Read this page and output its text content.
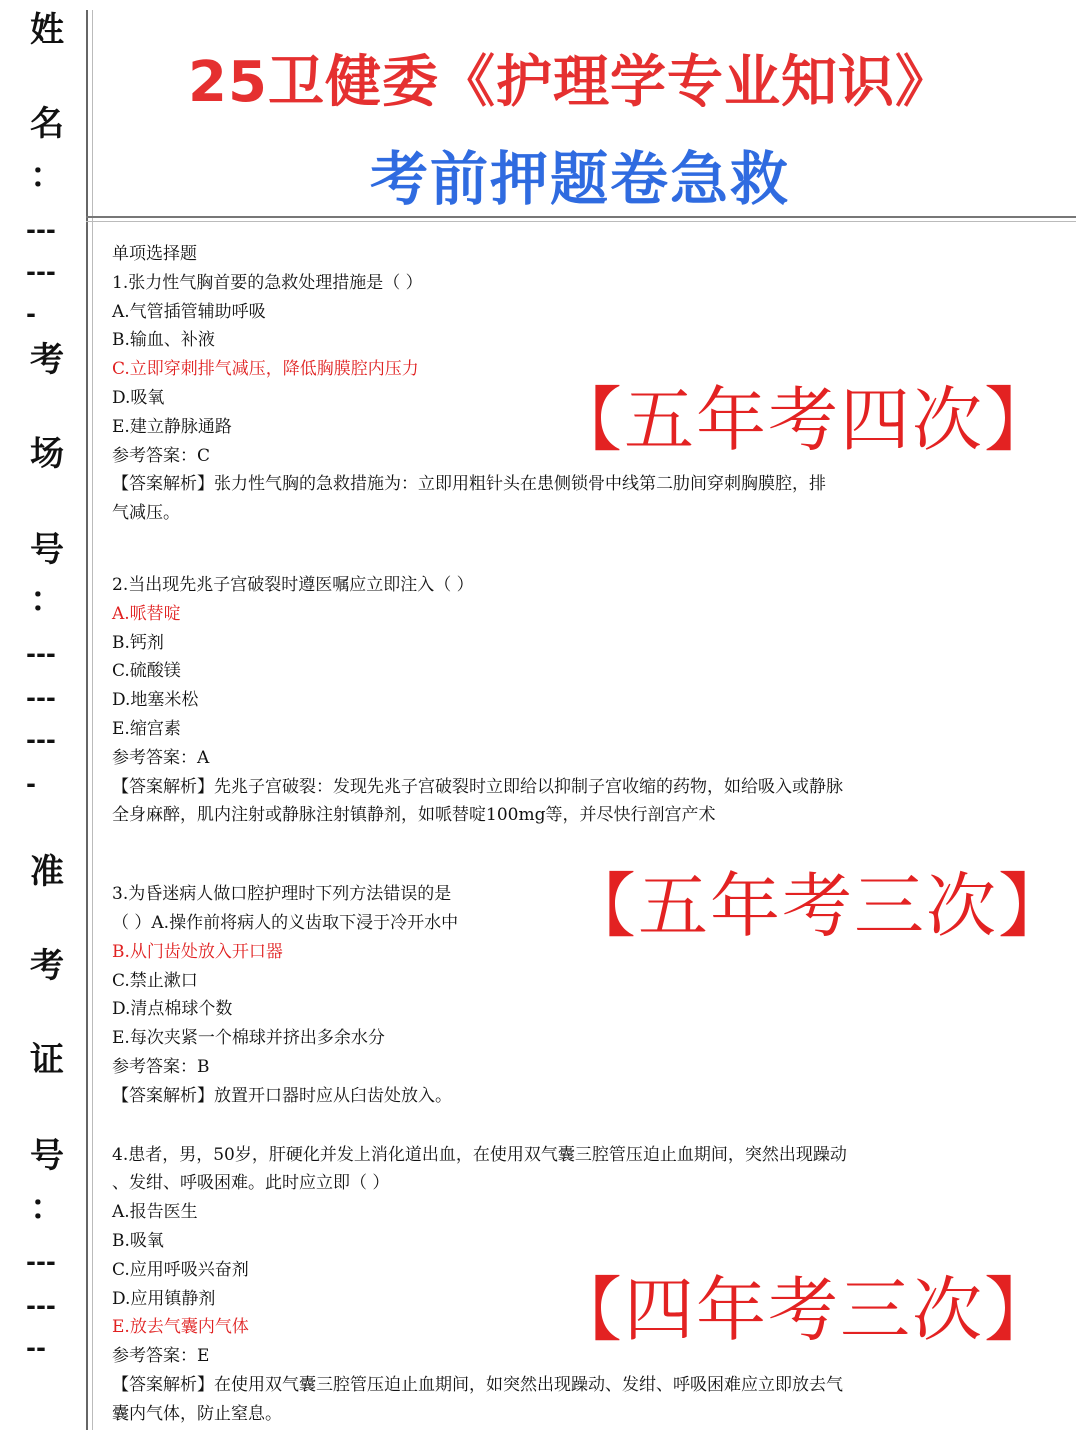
姓
名
：
---
---
-
考
场
号
：
---
---
---
-
准
考
证
号
：
---
---
--
25卫健委《护理学专业知识》
考前押题卷急救
单项选择题
1.张力性气胸首要的急救处理措施是（ ）
A.气管插管辅助呼吸
B.输血、补液
C.立即穿刺排气减压，降低胸膜腔内压力
D.吸氧
E.建立静脉通路
参考答案：C
【答案解析】张力性气胸的急救措施为：立即用粗针头在患侧锁骨中线第二肋间穿刺胸膜腔，排
气减压。
2.当出现先兆子宫破裂时遵医嘱应立即注入（ ）
A.哌替啶
B.钙剂
C.硫酸镁
D.地塞米松
E.缩宫素
参考答案：A
【答案解析】先兆子宫破裂：发现先兆子宫破裂时立即给以抑制子宫收缩的药物，如给吸入或静脉
全身麻醉，肌内注射或静脉注射镇静剂，如哌替啶100mg等，并尽快行剖宫产术
3.为昏迷病人做口腔护理时下列方法错误的是
（ ）A.操作前将病人的义齿取下浸于冷开水中
B.从门齿处放入开口器
C.禁止漱口
D.清点棉球个数
E.每次夹紧一个棉球并挤出多余水分
参考答案：B
【答案解析】放置开口器时应从臼齿处放入。
4.患者，男，50岁，肝硬化并发上消化道出血，在使用双气囊三腔管压迫止血期间，突然出现躁动
、发绀、呼吸困难。此时应立即（ ）
A.报告医生
B.吸氧
C.应用呼吸兴奋剂
D.应用镇静剂
E.放去气囊内气体
参考答案：E
【答案解析】在使用双气囊三腔管压迫止血期间，如突然出现躁动、发绀、呼吸困难应立即放去气
囊内气体，防止窒息。
【五年考四次】
【五年考三次】
【四年考三次】
